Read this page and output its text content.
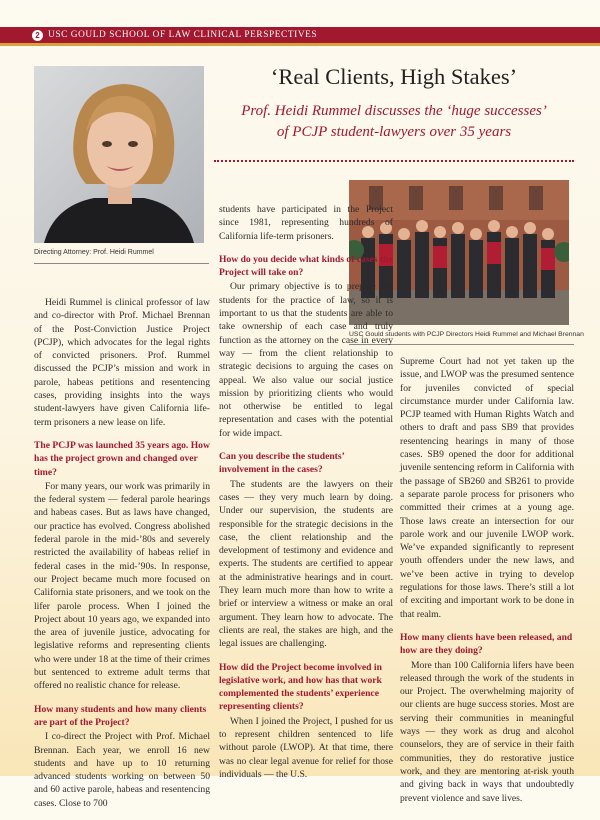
2 USC GOULD SCHOOL OF LAW CLINICAL PERSPECTIVES
Directing Attorney: Prof. Heidi Rummel
‘Real Clients, High Stakes’
Prof. Heidi Rummel discusses the ‘huge successes’
of PCJP student-lawyers over 35 years
USC Gould students with PCJP Directors Heidi Rummel and Michael Brennan

Heidi Rummel is clinical professor of law and co-director with Prof. Michael Brennan of the Post-Conviction Justice Project (PCJP), which advocates for the legal rights of convicted prisoners. Prof. Rummel discussed the PCJP’s mission and work in parole, habeas petitions and resentencing cases, providing insights into the ways student-lawyers have given California life-term prisoners a new lease on life.

The PCJP was launched 35 years ago. How has the project grown and changed over time?

For many years, our work was primarily in the federal system — federal parole hearings and habeas cases. But as laws have changed, our practice has evolved. Congress abolished federal parole in the mid-’80s and severely restricted the availability of habeas relief in federal cases in the mid-’90s. In response, our Project became much more focused on California state prisoners, and we took on the lifer parole process. When I joined the Project about 10 years ago, we expanded into the area of juvenile justice, advocating for legislative reforms and representing clients who were under 18 at the time of their crimes but sentenced to extreme adult terms that offered no realistic chance for release.

How many students and how many clients are part of the Project?

I co-direct the Project with Prof. Michael Brennan. Each year, we enroll 16 new students and have up to 10 returning advanced students working on between 50 and 60 active parole, habeas and resentencing cases. Close to 700

students have participated in the Project since 1981, representing hundreds of California life-term prisoners.

How do you decide what kinds of cases the Project will take on?

Our primary objective is to prepare our students for the practice of law, so it is important to us that the students are able to take ownership of each case and truly function as the attorney on the case in every way — from the client relationship to strategic decisions to arguing the cases on appeal. We also value our social justice mission by prioritizing clients who would not otherwise be entitled to legal representation and cases with the potential for wide impact.

Can you describe the students’ involvement in the cases?

The students are the lawyers on their cases — they very much learn by doing. Under our supervision, the students are responsible for the strategic decisions in the case, the client relationship and the development of testimony and evidence and experts. The students are certified to appear at the administrative hearings and in court. They learn much more than how to write a brief or interview a witness or make an oral argument. They learn how to advocate. The clients are real, the stakes are high, and the legal issues are challenging.

How did the Project become involved in legislative work, and how has that work complemented the students’ experience representing clients?

When I joined the Project, I pushed for us to represent children sentenced to life without parole (LWOP). At that time, there was no clear legal avenue for relief for those individuals — the U.S.

Supreme Court had not yet taken up the issue, and LWOP was the presumed sentence for juveniles convicted of special circumstance murder under California law. PCJP teamed with Human Rights Watch and others to draft and pass SB9 that provides resentencing hearings in many of those cases. SB9 opened the door for additional juvenile sentencing reform in California with the passage of SB260 and SB261 to provide a separate parole process for prisoners who committed their crimes at a young age. Those laws create an intersection for our parole work and our juvenile LWOP work. We’ve expanded significantly to represent youth offenders under the new laws, and we’ve been active in trying to develop regulations for those laws. There’s still a lot of exciting and important work to be done in that realm.

How many clients have been released, and how are they doing?

More than 100 California lifers have been released through the work of the students in our Project. The overwhelming majority of our clients are huge success stories. Most are serving their communities in meaningful ways — they work as drug and alcohol counselors, they are of service in their faith communities, they do restorative justice work, and they are mentoring at-risk youth and giving back in ways that undoubtedly prevent violence and save lives.
